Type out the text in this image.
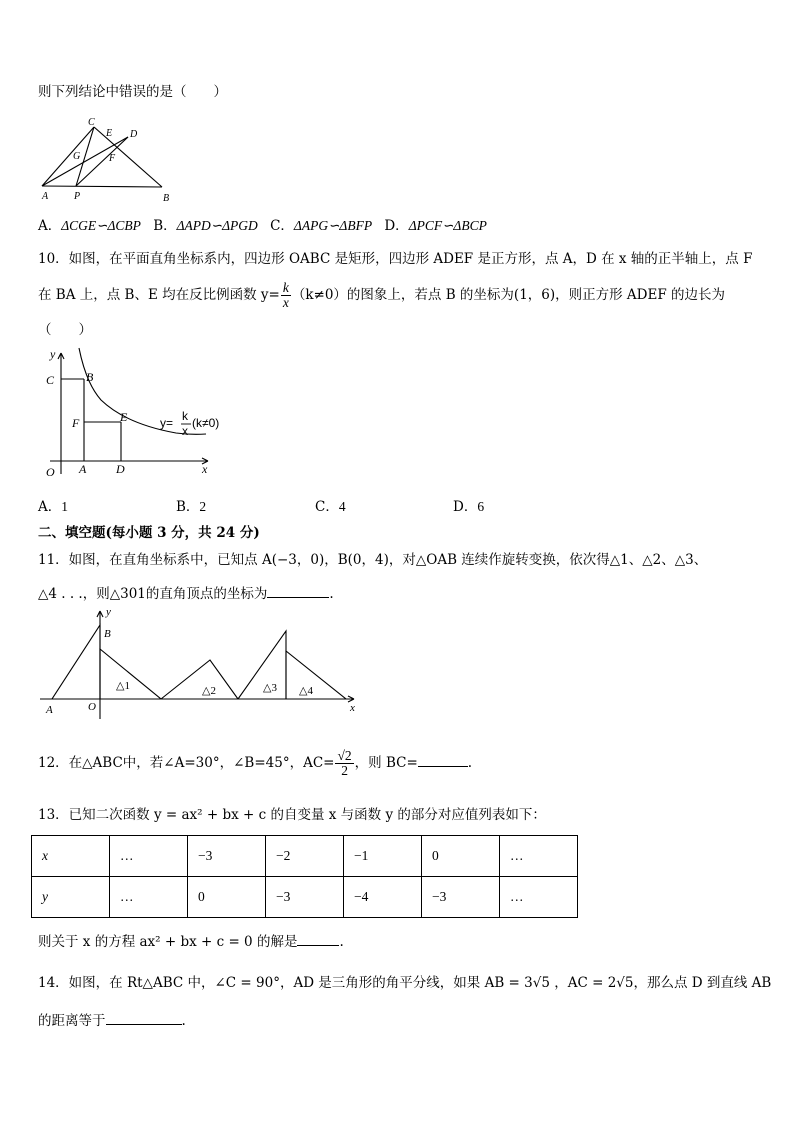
则下列结论中错误的是（　　）
C
E D
G	F
A	P	B
A．ΔCGE∽ΔCBP B．ΔAPD∽ΔPGD C．ΔAPG∽ΔBFP D．ΔPCF∽ΔBCP
10．如图，在平面直角坐标系内，四边形 OABC 是矩形，四边形 ADEF 是正方形，点 A，D 在 x 轴的正半轴上，点 F
在 BA 上，点 B、E 均在反比例函数 $y= \frac{k}{x} (k\ne 0)$的图象上，若点 B 的坐标为(1，6)，则正方形 ADEF 的边长为
（　　）
y
x
C	B
F	E
O A D
y= k
x
(k≠0)
A．1	B．2	C．4	D．6
二、填空题(每小题 3 分，共 24 分)
11．如图，在直角坐标系中，已知点 A(−3，0)，B(0，4)，对△OAB 连续作旋转变换，依次得△1、△2、△3、
△4 . . .，则△301的直角顶点的坐标为	.
y
x
B
A	O
△1	△2	△3 △4
12．在△ABC中，若∠A=30°，∠B=45°，$AC= \frac{√2}{2}$ ，则 BC=	.
13．已知二次函数 y = ax² + bx + c 的自变量 x 与函数 y 的部分对应值列表如下：
x	…	−3	−2	−1	0	…
y	…	0	−3	−4	−3	…
则关于 x 的方程 ax² + bx + c = 0 的解是	.
14．如图，在 Rt△ABC 中，∠C = 90°，AD 是三角形的角平分线，如果 AB = 3√5 ，AC = 2√5，那么点 D 到直线 AB
的距离等于	.
